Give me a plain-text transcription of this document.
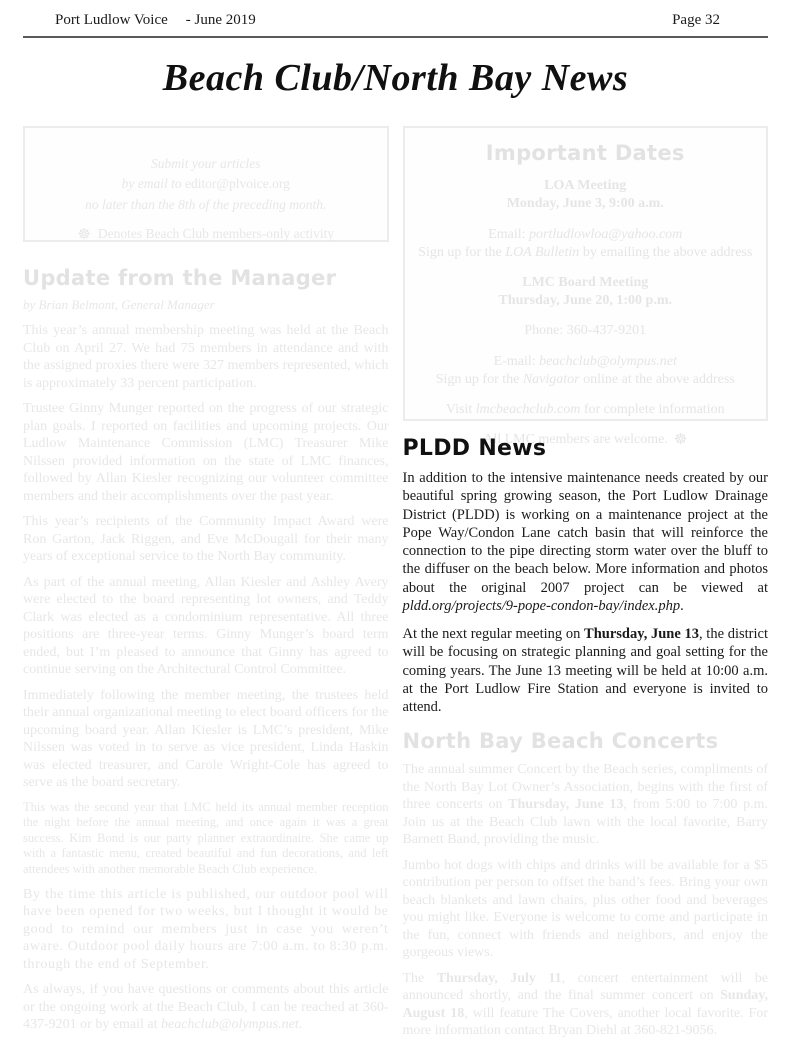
Port Ludlow Voice - June 2019	Page 32
Beach Club/North Bay News
Submit your articles
by email to editor@plvoice.org
no later than the 8th of the preceding month.
☸ Denotes Beach Club members-only activity
Update from the Manager

by Brian Belmont, General Manager

This year’s annual membership meeting was held at the Beach Club on April 27. We had 75 members in attendance and with the assigned proxies there were 327 members represented, which is approximately 33 percent participation.

Trustee Ginny Munger reported on the progress of our strategic plan goals. I reported on facilities and upcoming projects. Our Ludlow Maintenance Commission (LMC) Treasurer Mike Nilssen provided information on the state of LMC finances, followed by Allan Kiesler recognizing our volunteer committee members and their accomplishments over the past year.

This year’s recipients of the Community Impact Award were Ron Garton, Jack Riggen, and Eve McDougall for their many years of exceptional service to the North Bay community.

As part of the annual meeting, Allan Kiesler and Ashley Avery were elected to the board representing lot owners, and Teddy Clark was elected as a condominium representative. All three positions are three-year terms. Ginny Munger’s board term ended, but I’m pleased to announce that Ginny has agreed to continue serving on the Architectural Control Committee.

Immediately following the member meeting, the trustees held their annual organizational meeting to elect board officers for the upcoming board year. Allan Kiesler is LMC’s president, Mike Nilssen was voted in to serve as vice president, Linda Haskin was elected treasurer, and Carole Wright-Cole has agreed to serve as the board secretary.

This was the second year that LMC held its annual member reception the night before the annual meeting, and once again it was a great success. Kim Bond is our party planner extraordinaire. She came up with a fantastic menu, created beautiful and fun decorations, and left attendees with another memorable Beach Club experience.

By the time this article is published, our outdoor pool will have been opened for two weeks, but I thought it would be good to remind our members just in case you weren’t aware. Outdoor pool daily hours are 7:00 a.m. to 8:30 p.m. through the end of September.

As always, if you have questions or comments about this article or the ongoing work at the Beach Club, I can be reached at 360-437-9201 or by email at beachclub@olympus.net.

Important Dates
LOA Meeting
Monday, June 3, 9:00 a.m.
Email: portludlowloa@yahoo.com
Sign up for the LOA Bulletin by emailing the above address
LMC Board Meeting
Thursday, June 20, 1:00 p.m.
Phone: 360-437-9201
E-mail: beachclub@olympus.net
Sign up for the Navigator online at the above address
Visit lmcbeachclub.com for complete information
All LMC members are welcome. ☸
PLDD News

In addition to the intensive maintenance needs created by our beautiful spring growing season, the Port Ludlow Drainage District (PLDD) is working on a maintenance project at the Pope Way/Condon Lane catch basin that will reinforce the connection to the pipe directing storm water over the bluff to the diffuser on the beach below. More information and photos about the original 2007 project can be viewed at pldd.org/projects/9-pope-condon-bay/index.php.

At the next regular meeting on Thursday, June 13, the district will be focusing on strategic planning and goal setting for the coming years. The June 13 meeting will be held at 10:00 a.m. at the Port Ludlow Fire Station and everyone is invited to attend.

North Bay Beach Concerts

The annual summer Concert by the Beach series, compliments of the North Bay Lot Owner’s Association, begins with the first of three concerts on Thursday, June 13, from 5:00 to 7:00 p.m. Join us at the Beach Club lawn with the local favorite, Barry Barnett Band, providing the music.

Jumbo hot dogs with chips and drinks will be available for a $5 contribution per person to offset the band’s fees. Bring your own beach blankets and lawn chairs, plus other food and beverages you might like. Everyone is welcome to come and participate in the fun, connect with friends and neighbors, and enjoy the gorgeous views.

The Thursday, July 11, concert entertainment will be announced shortly, and the final summer concert on Sunday, August 18, will feature The Covers, another local favorite. For more information contact Bryan Diehl at 360-821-9056.
